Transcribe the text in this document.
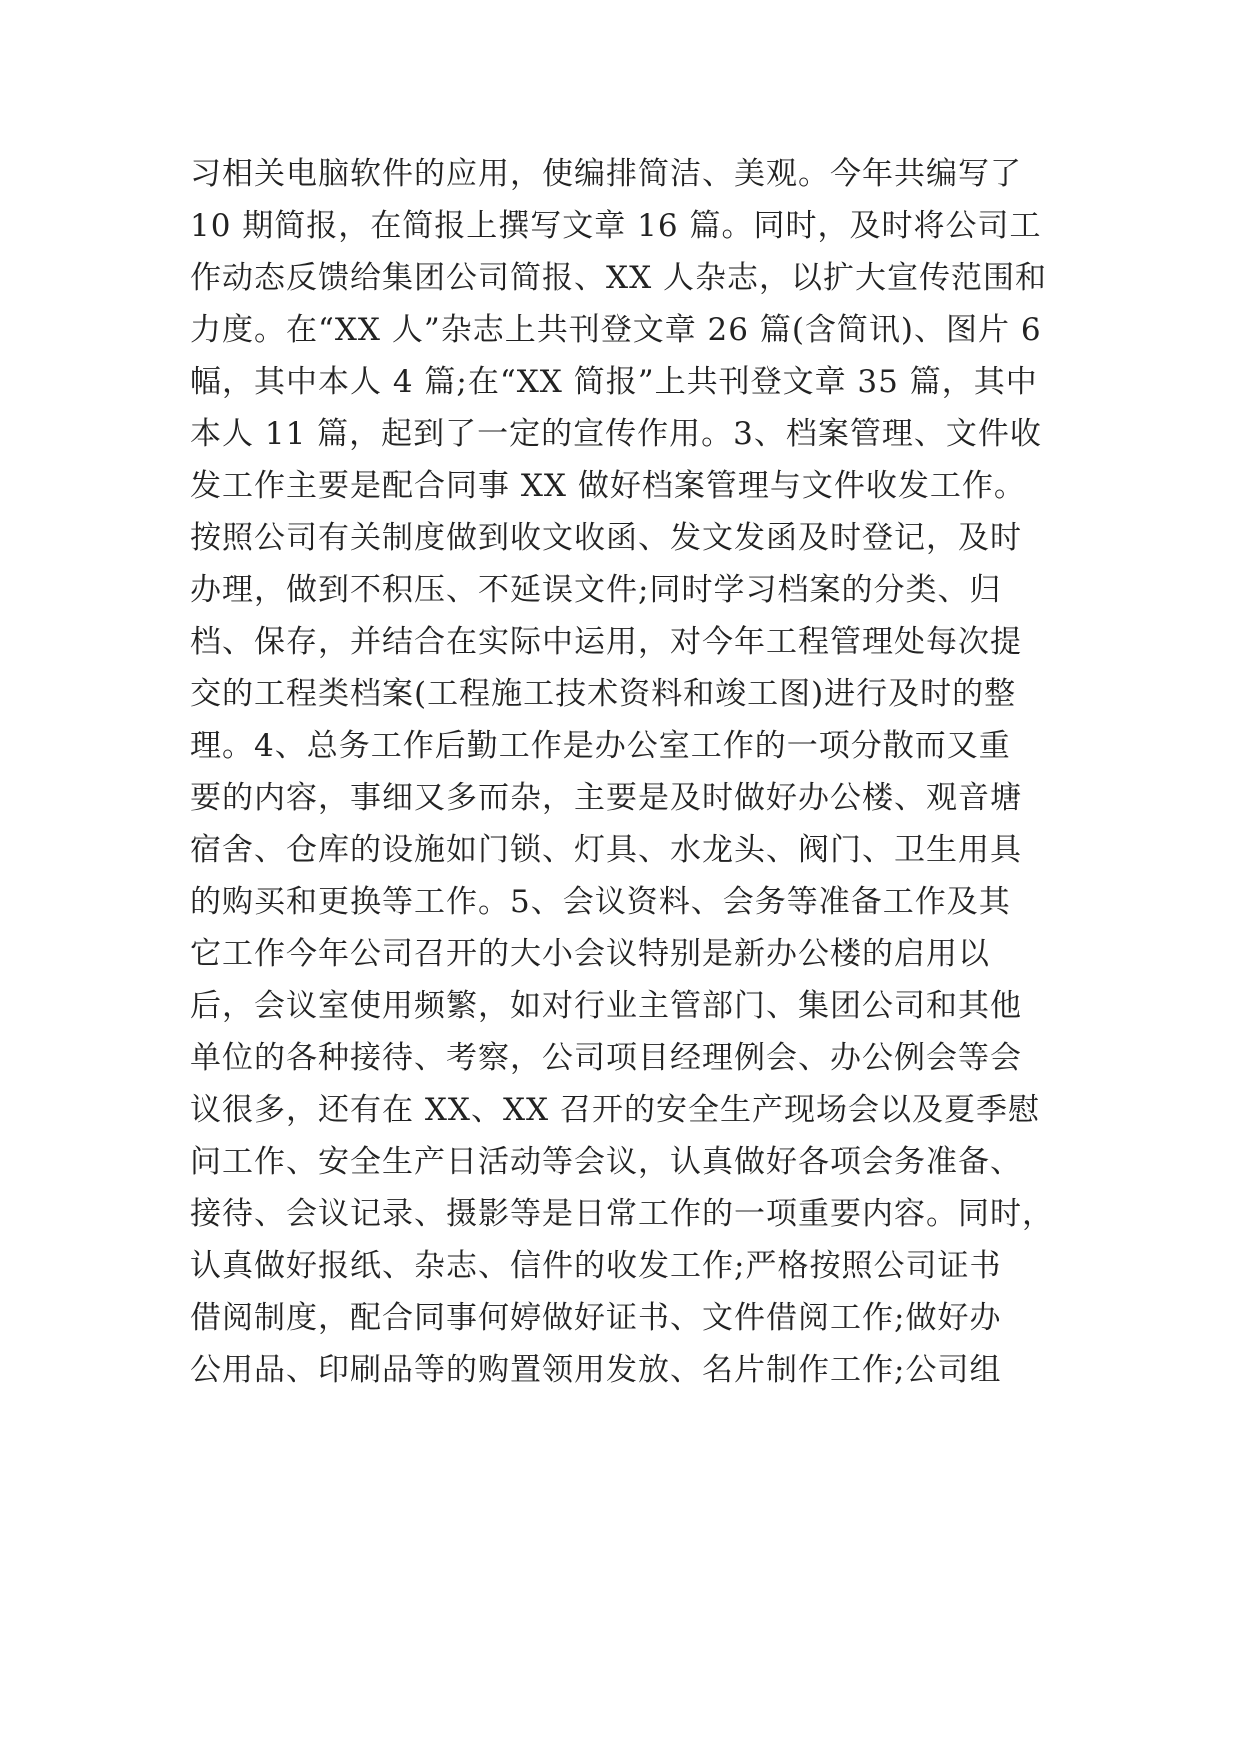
习相关电脑软件的应用，使编排简洁、美观。今年共编写了
10 期简报，在简报上撰写文章 16 篇。同时，及时将公司工
作动态反馈给集团公司简报、XX 人杂志，以扩大宣传范围和
力度。在“XX 人”杂志上共刊登文章 26 篇(含简讯)、图片 6
幅，其中本人 4 篇;在“XX 简报”上共刊登文章 35 篇，其中
本人 11 篇，起到了一定的宣传作用。3、档案管理、文件收
发工作主要是配合同事 XX 做好档案管理与文件收发工作。
按照公司有关制度做到收文收函、发文发函及时登记，及时
办理，做到不积压、不延误文件;同时学习档案的分类、归
档、保存，并结合在实际中运用，对今年工程管理处每次提
交的工程类档案(工程施工技术资料和竣工图)进行及时的整
理。4、总务工作后勤工作是办公室工作的一项分散而又重
要的内容，事细又多而杂，主要是及时做好办公楼、观音塘
宿舍、仓库的设施如门锁、灯具、水龙头、阀门、卫生用具
的购买和更换等工作。5、会议资料、会务等准备工作及其
它工作今年公司召开的大小会议特别是新办公楼的启用以
后，会议室使用频繁，如对行业主管部门、集团公司和其他
单位的各种接待、考察，公司项目经理例会、办公例会等会
议很多，还有在 XX、XX 召开的安全生产现场会以及夏季慰
问工作、安全生产日活动等会议，认真做好各项会务准备、
接待、会议记录、摄影等是日常工作的一项重要内容。同时，
认真做好报纸、杂志、信件的收发工作;严格按照公司证书
借阅制度，配合同事何婷做好证书、文件借阅工作;做好办
公用品、印刷品等的购置领用发放、名片制作工作;公司组
